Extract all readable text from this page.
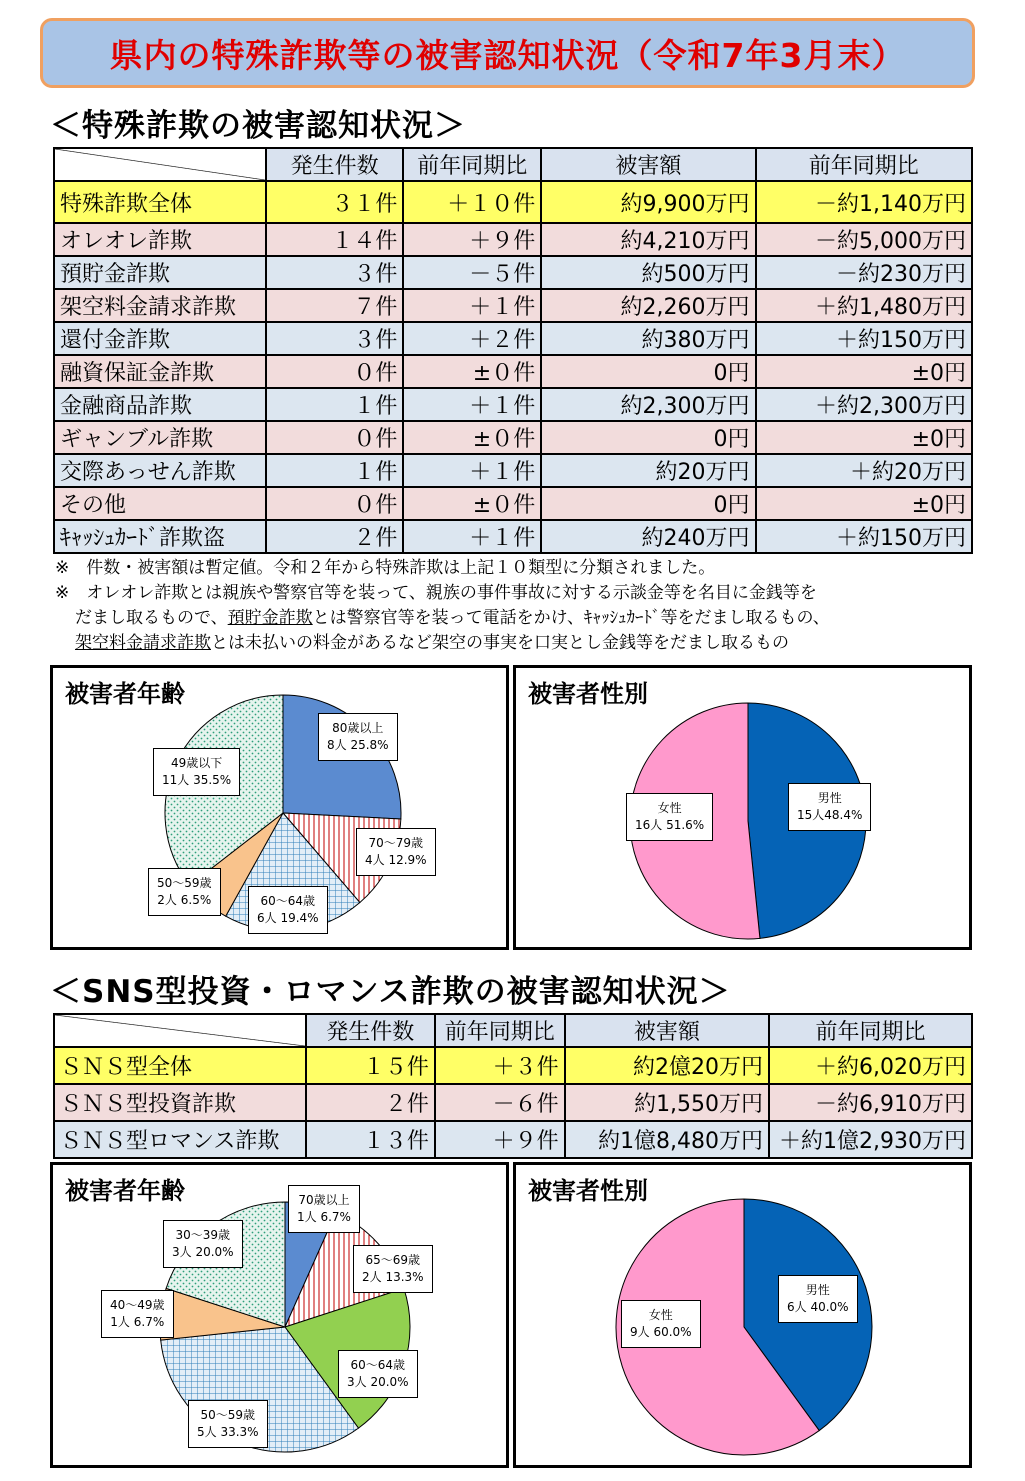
県内の特殊詐欺等の被害認知状況（令和7年3月末）
＜特殊詐欺の被害認知状況＞
	発生件数	前年同期比	被害額	前年同期比
特殊詐欺全体	３１件	＋１０件	約9,900万円	－約1,140万円
オレオレ詐欺	１４件	＋９件	約4,210万円	－約5,000万円
預貯金詐欺	３件	－５件	約500万円	－約230万円
架空料金請求詐欺	７件	＋１件	約2,260万円	＋約1,480万円
還付金詐欺	３件	＋２件	約380万円	＋約150万円
融資保証金詐欺	０件	±０件	0円	±0円
金融商品詐欺	１件	＋１件	約2,300万円	＋約2,300万円
ギャンブル詐欺	０件	±０件	0円	±0円
交際あっせん詐欺	１件	＋１件	約20万円	＋約20万円
その他	０件	±０件	0円	±0円
ｷｬｯｼｭｶｰﾄﾞ詐欺盗	２件	＋１件	約240万円	＋約150万円
※　件数・被害額は暫定値。令和２年から特殊詐欺は上記１０類型に分類されました。
※　オレオレ詐欺とは親族や警察官等を装って、親族の事件事故に対する示談金等を名目に金銭等を
だまし取るもので、預貯金詐欺とは警察官等を装って電話をかけ、ｷｬｯｼｭｶｰﾄﾞ等をだまし取るもの、
架空料金請求詐欺とは未払いの料金があるなど架空の事実を口実とし金銭等をだまし取るもの
被害者年齢
80歳以上
8人 25.8%
70～79歳
4人 12.9%
60～64歳
6人 19.4%
50～59歳
2人 6.5%
49歳以下
11人 35.5%
被害者性別
男性
15人48.4%
女性
16人 51.6%
＜SNS型投資・ロマンス詐欺の被害認知状況＞
	発生件数	前年同期比	被害額	前年同期比
ＳＮＳ型全体	１５件	＋３件	約2億20万円	＋約6,020万円
ＳＮＳ型投資詐欺	２件	－６件	約1,550万円	－約6,910万円
ＳＮＳ型ロマンス詐欺	１３件	＋９件	約1億8,480万円	＋約1億2,930万円
被害者年齢	70歳以上
1人 6.7%
65～69歳
2人 13.3%
60～64歳
3人 20.0%
50～59歳
5人 33.3%
40～49歳
1人 6.7%
30～39歳
3人 20.0%
被害者性別
男性
6人 40.0%
女性
9人 60.0%
